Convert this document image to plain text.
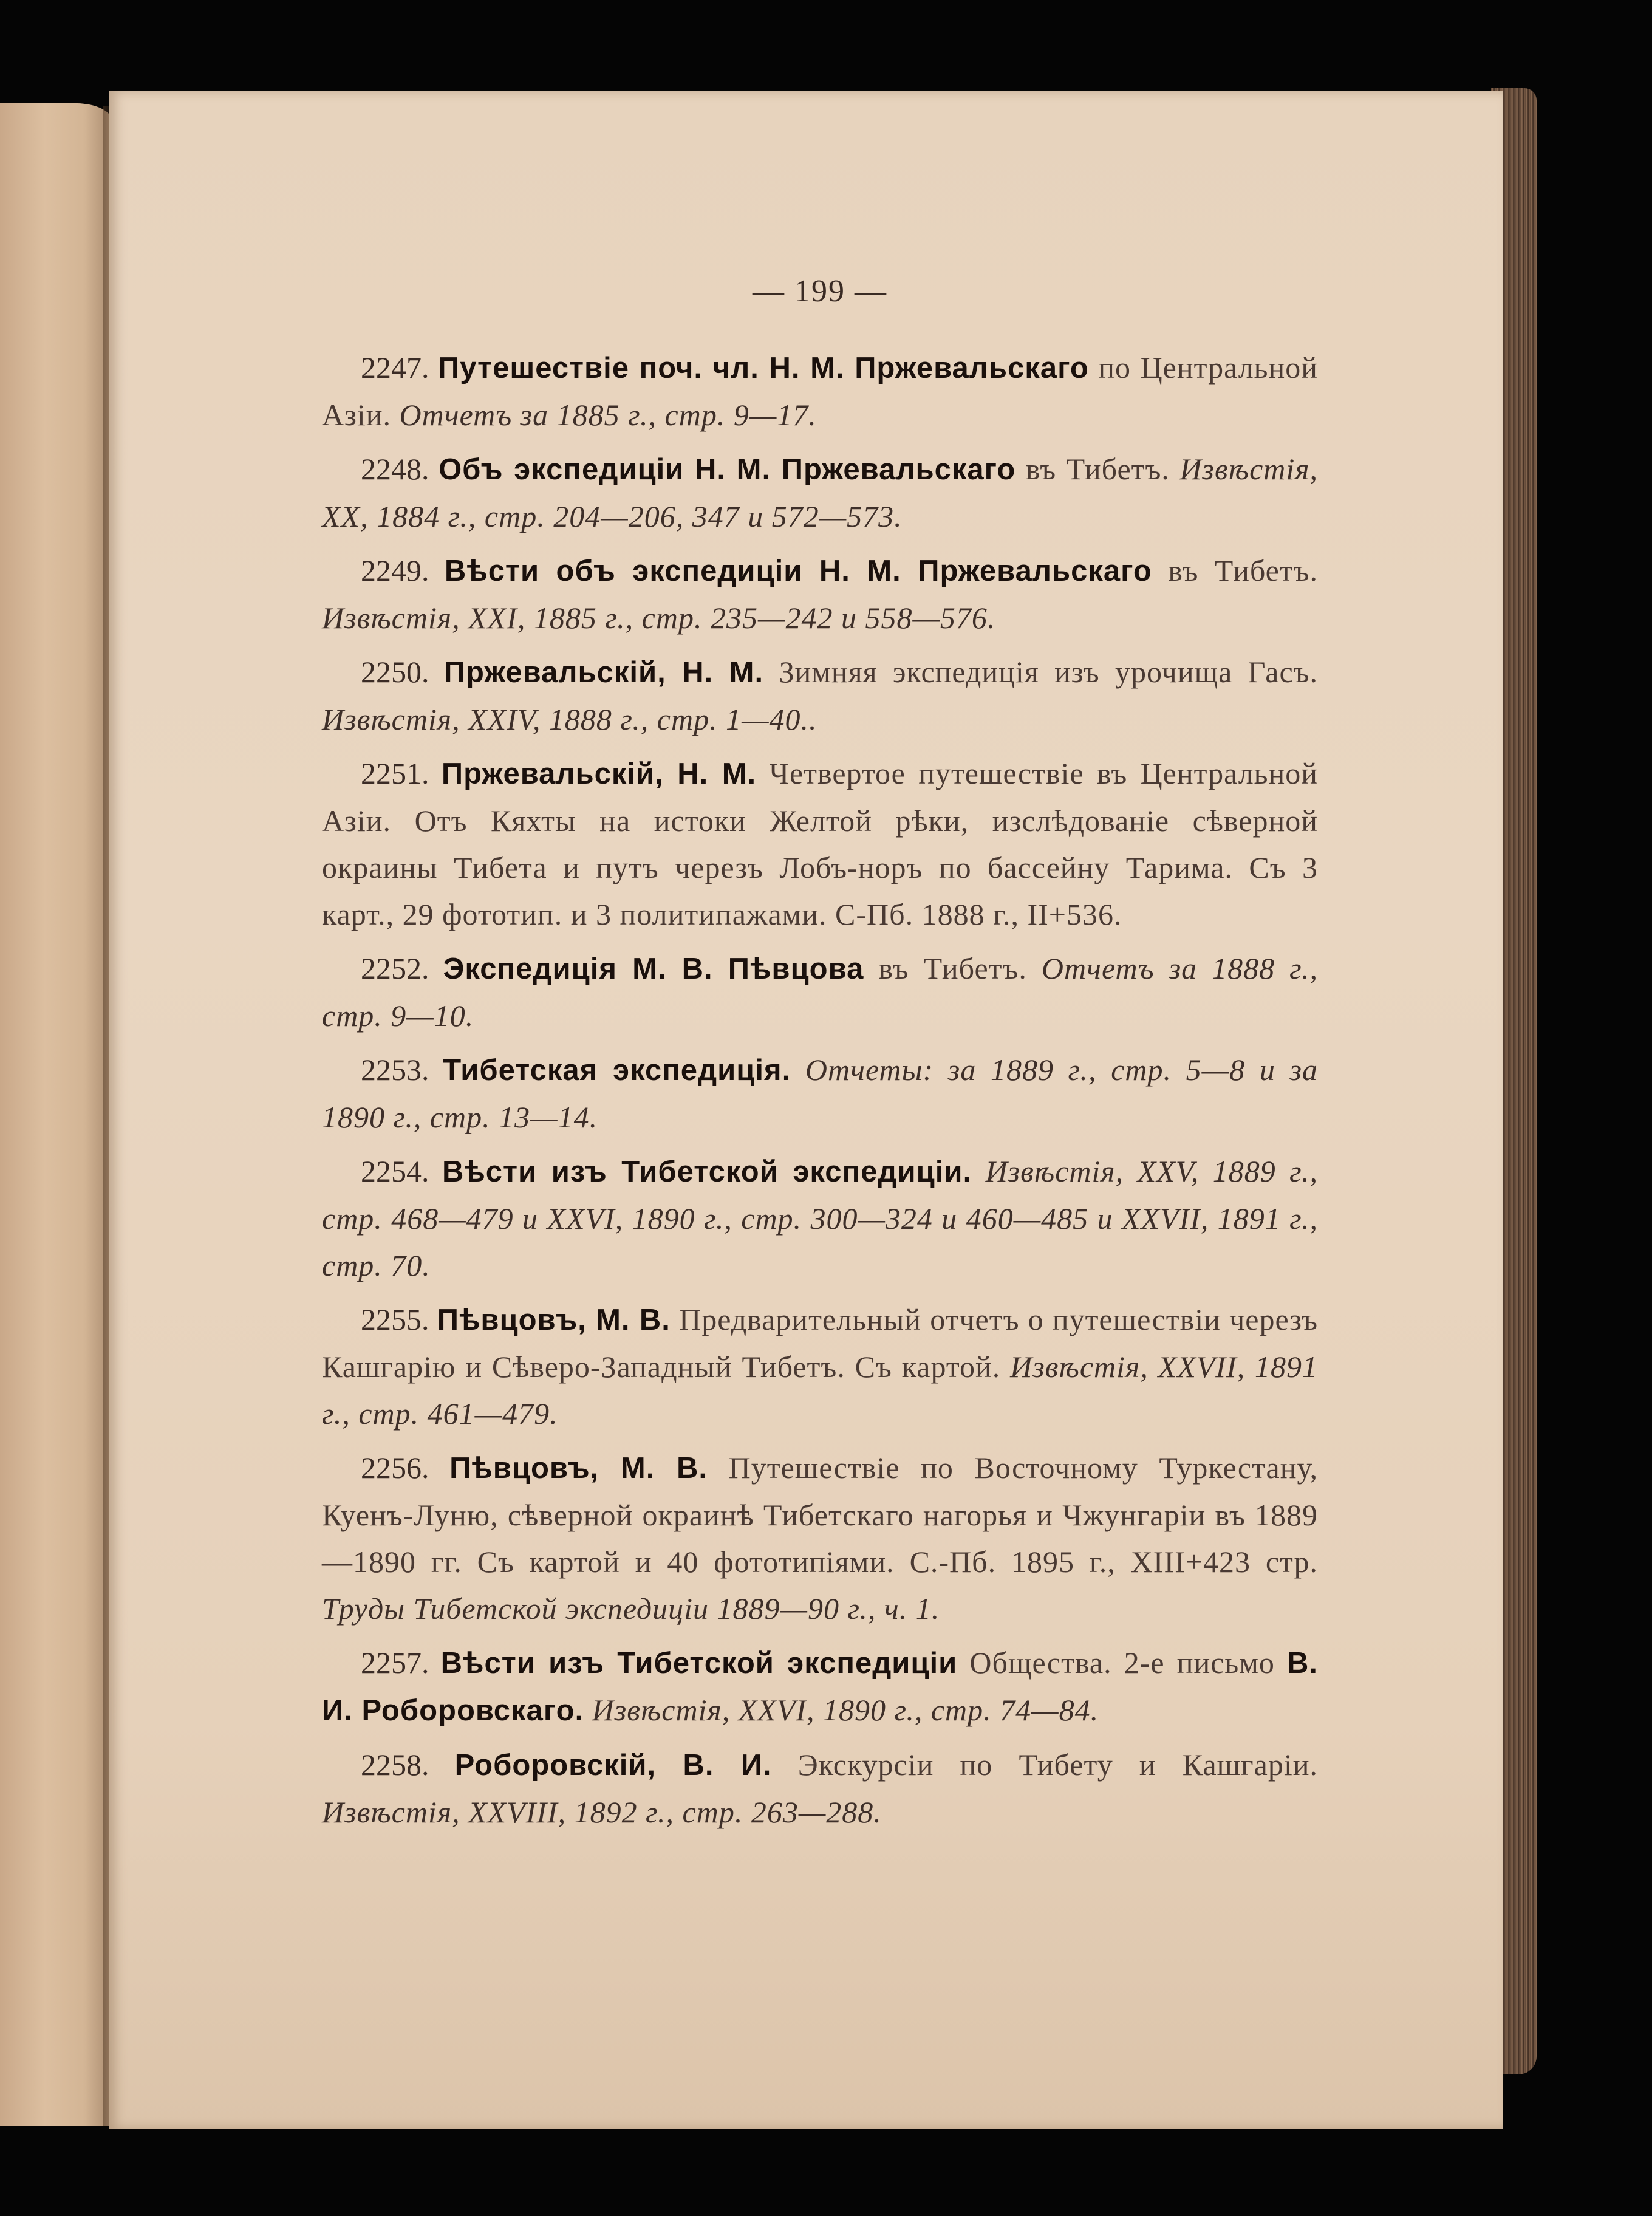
— 199 —

2247. Путешествіе поч. чл. Н. М. Пржевальскаго по Центральной Азіи. Отчетъ за 1885 г., стр. 9—17.

2248. Объ экспедиціи Н. М. Пржевальскаго въ Тибетъ. Извѣстія, XX, 1884 г., стр. 204—206, 347 и 572—573.

2249. Вѣсти объ экспедиціи Н. М. Пржевальскаго въ Тибетъ. Извѣстія, XXI, 1885 г., стр. 235—242 и 558—576.

2250. Пржевальскій, Н. М. Зимняя экспедиція изъ урочища Гасъ. Извѣстія, XXIV, 1888 г., стр. 1—40..

2251. Пржевальскій, Н. М. Четвертое путешествіе въ Центральной Азіи. Отъ Кяхты на истоки Желтой рѣки, изслѣдованіе сѣверной окраины Тибета и путъ черезъ Лобъ-норъ по бассейну Тарима. Съ 3 карт., 29 фототип. и 3 политипажами. С-Пб. 1888 г., II+536.

2252. Экспедиція М. В. Пѣвцова въ Тибетъ. Отчетъ за 1888 г., стр. 9—10.

2253. Тибетская экспедиція. Отчеты: за 1889 г., стр. 5—8 и за 1890 г., стр. 13—14.

2254. Вѣсти изъ Тибетской экспедиціи. Извѣстія, XXV, 1889 г., стр. 468—479 и XXVI, 1890 г., стр. 300—324 и 460—485 и XXVII, 1891 г., стр. 70.

2255. Пѣвцовъ, М. В. Предварительный отчетъ о путешествіи черезъ Кашгарію и Сѣверо-Западный Тибетъ. Съ картой. Извѣстія, XXVII, 1891 г., стр. 461—479.

2256. Пѣвцовъ, М. В. Путешествіе по Восточному Туркестану, Куенъ-Луню, сѣверной окраинѣ Тибетскаго нагорья и Чжунгаріи въ 1889—1890 гг. Съ картой и 40 фототипіями. С.-Пб. 1895 г., XIII+423 стр. Труды Тибетской экспедиціи 1889—90 г., ч. 1.

2257. Вѣсти изъ Тибетской экспедиціи Общества. 2-е письмо В. И. Роборовскаго. Извѣстія, XXVI, 1890 г., стр. 74—84.

2258. Роборовскій, В. И. Экскурсіи по Тибету и Кашгаріи. Извѣстія, XXVIII, 1892 г., стр. 263—288.
